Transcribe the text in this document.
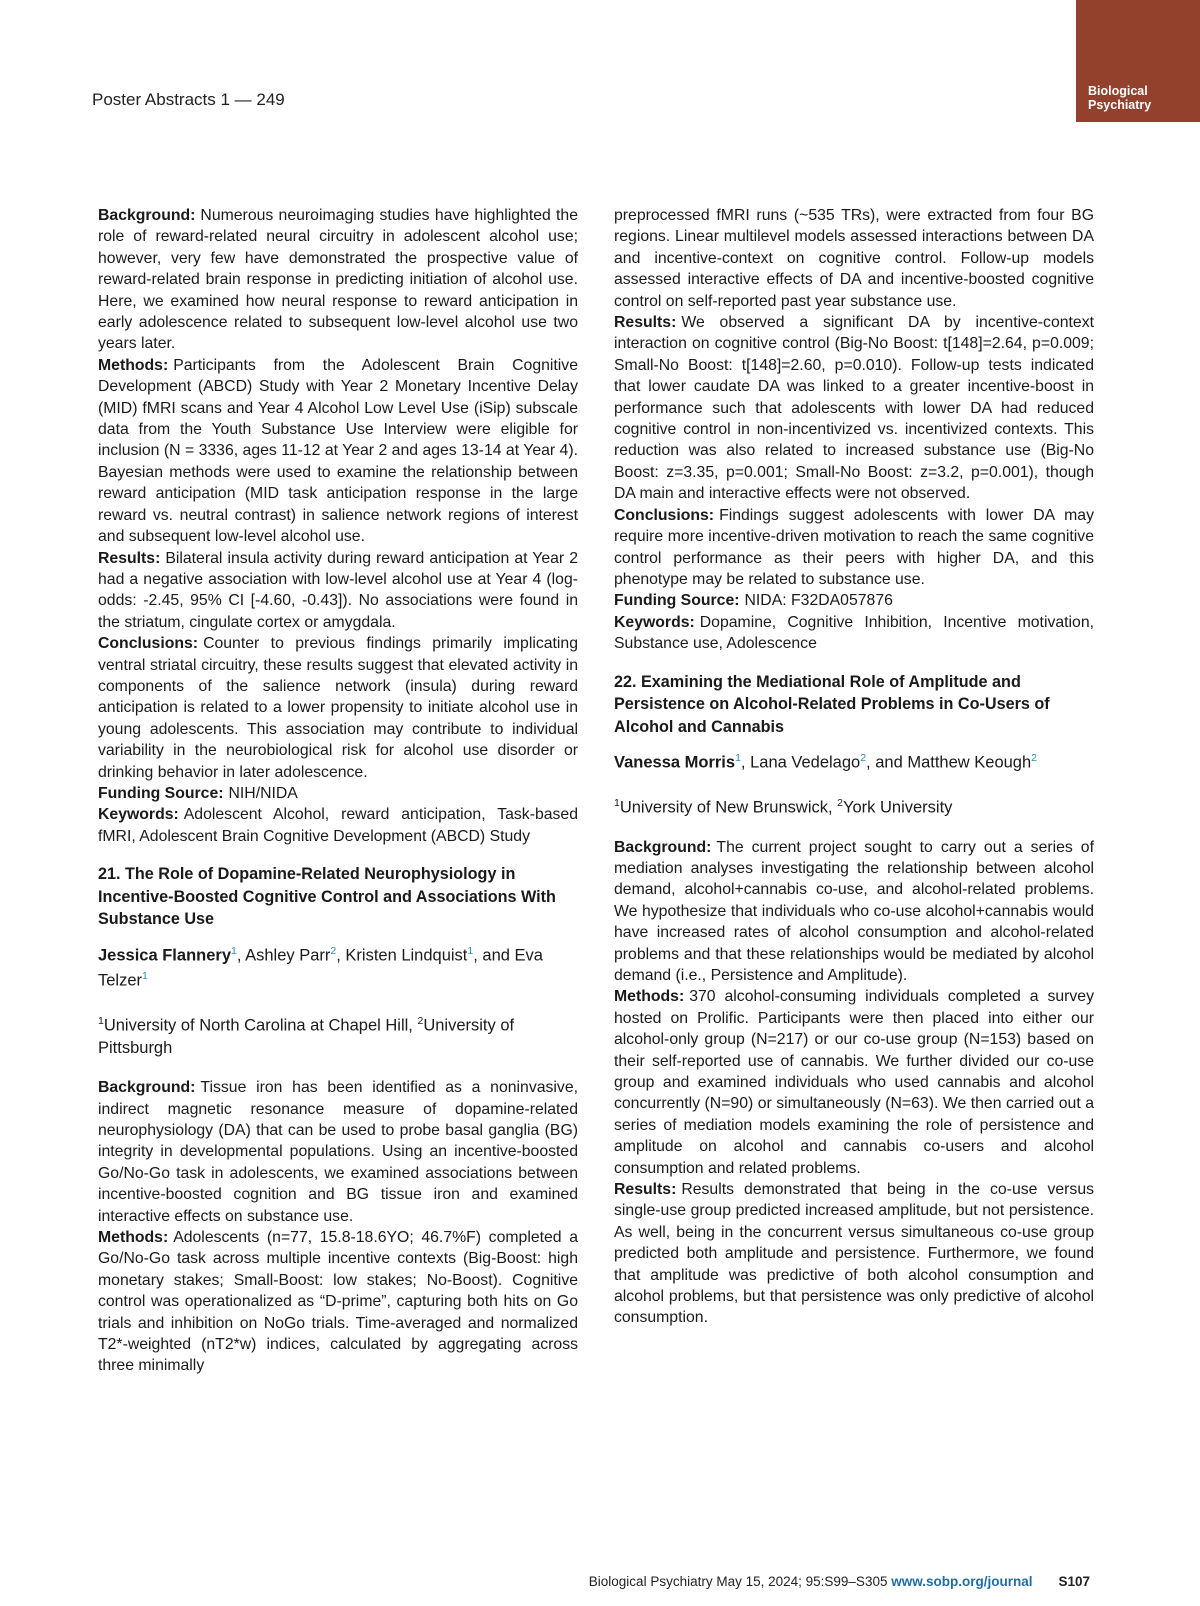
Poster Abstracts 1 — 249	Biological
Psychiatry

Background: Numerous neuroimaging studies have highlighted the role of reward-related neural circuitry in adolescent alcohol use; however, very few have demonstrated the prospective value of reward-related brain response in predicting initiation of alcohol use. Here, we examined how neural response to reward anticipation in early adolescence related to subsequent low-level alcohol use two years later.

Methods: Participants from the Adolescent Brain Cognitive Development (ABCD) Study with Year 2 Monetary Incentive Delay (MID) fMRI scans and Year 4 Alcohol Low Level Use (iSip) subscale data from the Youth Substance Use Interview were eligible for inclusion (N = 3336, ages 11-12 at Year 2 and ages 13-14 at Year 4). Bayesian methods were used to examine the relationship between reward anticipation (MID task anticipation response in the large reward vs. neutral contrast) in salience network regions of interest and subsequent low-level alcohol use.

Results: Bilateral insula activity during reward anticipation at Year 2 had a negative association with low-level alcohol use at Year 4 (log-odds: -2.45, 95% CI [-4.60, -0.43]). No associations were found in the striatum, cingulate cortex or amygdala.

Conclusions: Counter to previous findings primarily implicating ventral striatal circuitry, these results suggest that elevated activity in components of the salience network (insula) during reward anticipation is related to a lower propensity to initiate alcohol use in young adolescents. This association may contribute to individual variability in the neurobiological risk for alcohol use disorder or drinking behavior in later adolescence.

Funding Source: NIH/NIDA

Keywords: Adolescent Alcohol, reward anticipation, Task-based fMRI, Adolescent Brain Cognitive Development (ABCD) Study

21. The Role of Dopamine-Related Neurophysiology in Incentive-Boosted Cognitive Control and Associations With Substance Use

Jessica Flannery$^1$, Ashley Parr$^2$, Kristen Lindquist$^1$, and Eva Telzer$^1$

$^1$University of North Carolina at Chapel Hill, $^2$University of Pittsburgh

Background: Tissue iron has been identified as a noninvasive, indirect magnetic resonance measure of dopamine-related neurophysiology (DA) that can be used to probe basal ganglia (BG) integrity in developmental populations. Using an incentive-boosted Go/No-Go task in adolescents, we examined associations between incentive-boosted cognition and BG tissue iron and examined interactive effects on substance use.

Methods: Adolescents (n=77, 15.8-18.6YO; 46.7%F) completed a Go/No-Go task across multiple incentive contexts (Big-Boost: high monetary stakes; Small-Boost: low stakes; No-Boost). Cognitive control was operationalized as “D-prime”, capturing both hits on Go trials and inhibition on NoGo trials. Time-averaged and normalized T2*-weighted (nT2*w) indices, calculated by aggregating across three minimally

preprocessed fMRI runs (~535 TRs), were extracted from four BG regions. Linear multilevel models assessed interactions between DA and incentive-context on cognitive control. Follow-up models assessed interactive effects of DA and incentive-boosted cognitive control on self-reported past year substance use.

Results: We observed a significant DA by incentive-context interaction on cognitive control (Big-No Boost: t[148]=2.64, p=0.009; Small-No Boost: t[148]=2.60, p=0.010). Follow-up tests indicated that lower caudate DA was linked to a greater incentive-boost in performance such that adolescents with lower DA had reduced cognitive control in non-incentivized vs. incentivized contexts. This reduction was also related to increased substance use (Big-No Boost: z=3.35, p=0.001; Small-No Boost: z=3.2, p=0.001), though DA main and interactive effects were not observed.

Conclusions: Findings suggest adolescents with lower DA may require more incentive-driven motivation to reach the same cognitive control performance as their peers with higher DA, and this phenotype may be related to substance use.

Funding Source: NIDA: F32DA057876

Keywords: Dopamine, Cognitive Inhibition, Incentive motivation, Substance use, Adolescence

22. Examining the Mediational Role of Amplitude and Persistence on Alcohol-Related Problems in Co-Users of Alcohol and Cannabis

Vanessa Morris$^1$, Lana Vedelago$^2$, and Matthew Keough$^2$

$^1$University of New Brunswick, $^2$York University

Background: The current project sought to carry out a series of mediation analyses investigating the relationship between alcohol demand, alcohol+cannabis co-use, and alcohol-related problems. We hypothesize that individuals who co-use alcohol+cannabis would have increased rates of alcohol consumption and alcohol-related problems and that these relationships would be mediated by alcohol demand (i.e., Persistence and Amplitude).

Methods: 370 alcohol-consuming individuals completed a survey hosted on Prolific. Participants were then placed into either our alcohol-only group (N=217) or our co-use group (N=153) based on their self-reported use of cannabis. We further divided our co-use group and examined individuals who used cannabis and alcohol concurrently (N=90) or simultaneously (N=63). We then carried out a series of mediation models examining the role of persistence and amplitude on alcohol and cannabis co-users and alcohol consumption and related problems.

Results: Results demonstrated that being in the co-use versus single-use group predicted increased amplitude, but not persistence. As well, being in the concurrent versus simultaneous co-use group predicted both amplitude and persistence. Furthermore, we found that amplitude was predictive of both alcohol consumption and alcohol problems, but that persistence was only predictive of alcohol consumption.

Biological Psychiatry May 15, 2024; 95:S99–S305 www.sobp.org/journal S107
